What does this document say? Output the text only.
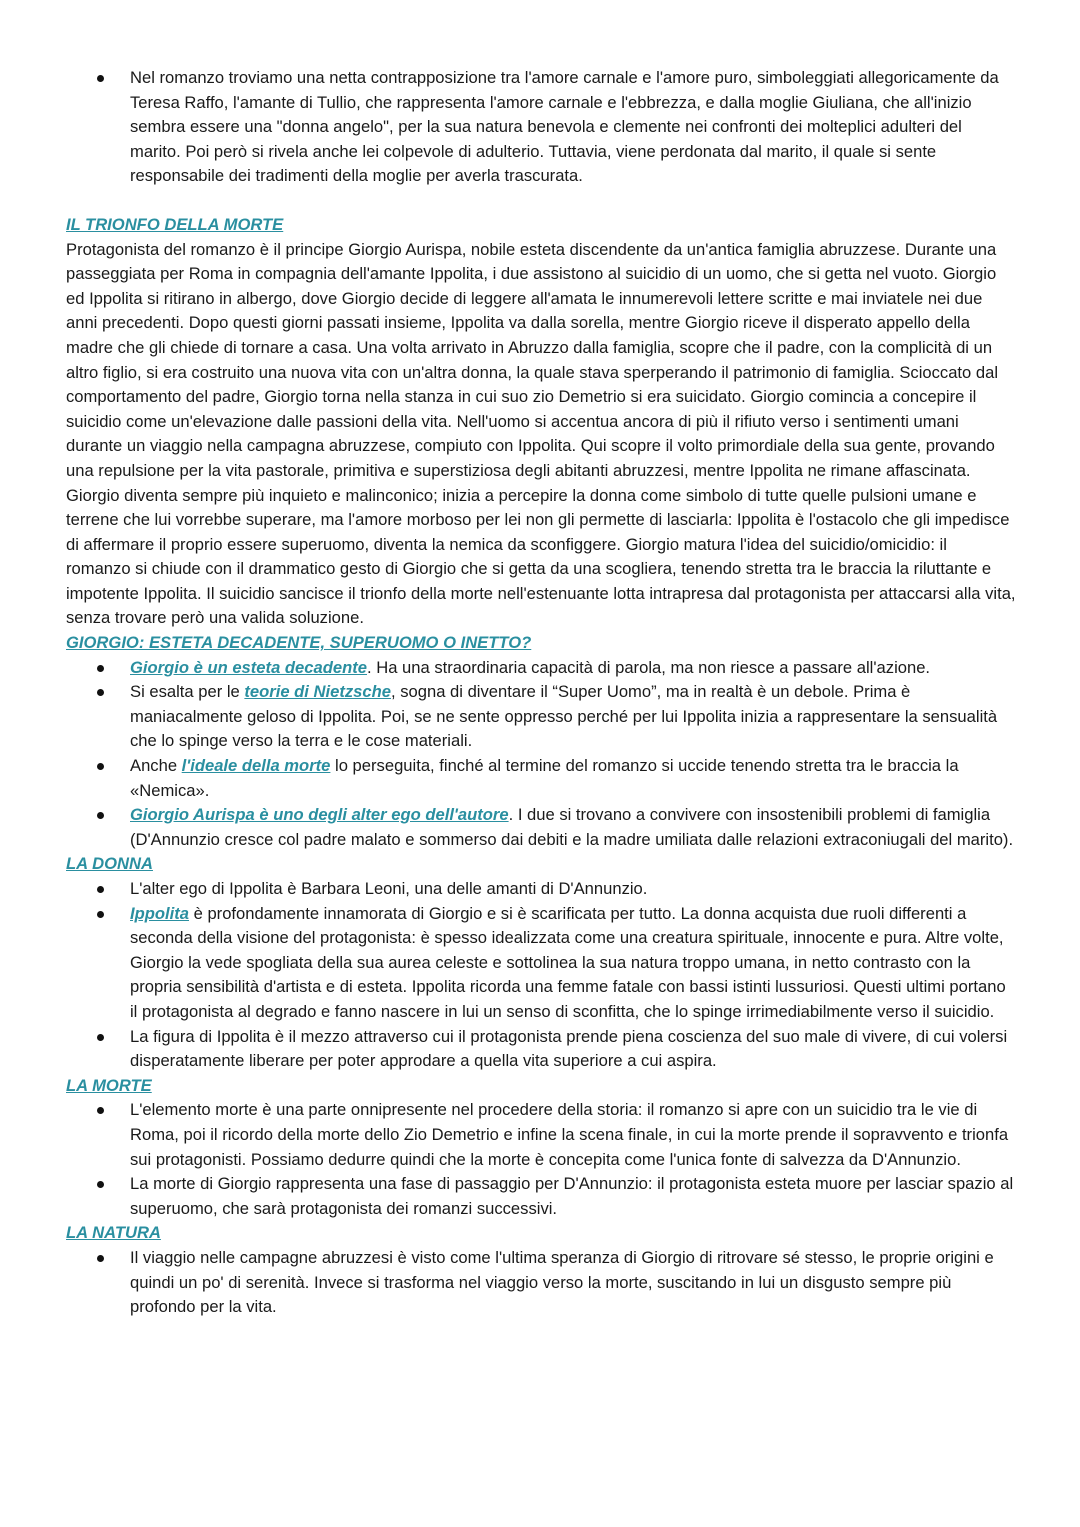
Nel romanzo troviamo una netta contrapposizione tra l'amore carnale e l'amore puro, simboleggiati allegoricamente da Teresa Raffo, l'amante di Tullio, che rappresenta l'amore carnale e l'ebbrezza, e dalla moglie Giuliana, che all'inizio sembra essere una "donna angelo", per la sua natura benevola e clemente nei confronti dei molteplici adulteri del marito. Poi però si rivela anche lei colpevole di adulterio. Tuttavia, viene perdonata dal marito, il quale si sente responsabile dei tradimenti della moglie per averla trascurata.

IL TRIONFO DELLA MORTE

Protagonista del romanzo è il principe Giorgio Aurispa, nobile esteta discendente da un'antica famiglia abruzzese. Durante una passeggiata per Roma in compagnia dell'amante Ippolita, i due assistono al suicidio di un uomo, che si getta nel vuoto. Giorgio ed Ippolita si ritirano in albergo, dove Giorgio decide di leggere all'amata le innumerevoli lettere scritte e mai inviatele nei due anni precedenti. Dopo questi giorni passati insieme, Ippolita va dalla sorella, mentre Giorgio riceve il disperato appello della madre che gli chiede di tornare a casa. Una volta arrivato in Abruzzo dalla famiglia, scopre che il padre, con la complicità di un altro figlio, si era costruito una nuova vita con un'altra donna, la quale stava sperperando il patrimonio di famiglia. Scioccato dal comportamento del padre, Giorgio torna nella stanza in cui suo zio Demetrio si era suicidato. Giorgio comincia a concepire il suicidio come un'elevazione dalle passioni della vita. Nell'uomo si accentua ancora di più il rifiuto verso i sentimenti umani durante un viaggio nella campagna abruzzese, compiuto con Ippolita. Qui scopre il volto primordiale della sua gente, provando una repulsione per la vita pastorale, primitiva e superstiziosa degli abitanti abruzzesi, mentre Ippolita ne rimane affascinata. Giorgio diventa sempre più inquieto e malinconico; inizia a percepire la donna come simbolo di tutte quelle pulsioni umane e terrene che lui vorrebbe superare, ma l'amore morboso per lei non gli permette di lasciarla: Ippolita è l'ostacolo che gli impedisce di affermare il proprio essere superuomo, diventa la nemica da sconfiggere. Giorgio matura l'idea del suicidio/omicidio: il romanzo si chiude con il drammatico gesto di Giorgio che si getta da una scogliera, tenendo stretta tra le braccia la riluttante e impotente Ippolita. Il suicidio sancisce il trionfo della morte nell'estenuante lotta intrapresa dal protagonista per attaccarsi alla vita, senza trovare però una valida soluzione.

GIORGIO: ESTETA DECADENTE, SUPERUOMO O INETTO?

Giorgio è un esteta decadente. Ha una straordinaria capacità di parola, ma non riesce a passare all'azione.
Si esalta per le teorie di Nietzsche, sogna di diventare il “Super Uomo”, ma in realtà è un debole. Prima è maniacalmente geloso di Ippolita. Poi, se ne sente oppresso perché per lui Ippolita inizia a rappresentare la sensualità che lo spinge verso la terra e le cose materiali.
Anche l'ideale della morte lo perseguita, finché al termine del romanzo si uccide tenendo stretta tra le braccia la «Nemica».
Giorgio Aurispa è uno degli alter ego dell'autore. I due si trovano a convivere con insostenibili problemi di famiglia (D'Annunzio cresce col padre malato e sommerso dai debiti e la madre umiliata dalle relazioni extraconiugali del marito).

LA DONNA

L'alter ego di Ippolita è Barbara Leoni, una delle amanti di D'Annunzio.
Ippolita è profondamente innamorata di Giorgio e si è scarificata per tutto. La donna acquista due ruoli differenti a seconda della visione del protagonista: è spesso idealizzata come una creatura spirituale, innocente e pura. Altre volte, Giorgio la vede spogliata della sua aurea celeste e sottolinea la sua natura troppo umana, in netto contrasto con la propria sensibilità d'artista e di esteta. Ippolita ricorda una femme fatale con bassi istinti lussuriosi. Questi ultimi portano il protagonista al degrado e fanno nascere in lui un senso di sconfitta, che lo spinge irrimediabilmente verso il suicidio.
La figura di Ippolita è il mezzo attraverso cui il protagonista prende piena coscienza del suo male di vivere, di cui volersi disperatamente liberare per poter approdare a quella vita superiore a cui aspira.

LA MORTE

L'elemento morte è una parte onnipresente nel procedere della storia: il romanzo si apre con un suicidio tra le vie di Roma, poi il ricordo della morte dello Zio Demetrio e infine la scena finale, in cui la morte prende il sopravvento e trionfa sui protagonisti. Possiamo dedurre quindi che la morte è concepita come l'unica fonte di salvezza da D'Annunzio.
La morte di Giorgio rappresenta una fase di passaggio per D'Annunzio: il protagonista esteta muore per lasciar spazio al superuomo, che sarà protagonista dei romanzi successivi.

LA NATURA

Il viaggio nelle campagne abruzzesi è visto come l'ultima speranza di Giorgio di ritrovare sé stesso, le proprie origini e quindi un po' di serenità. Invece si trasforma nel viaggio verso la morte, suscitando in lui un disgusto sempre più profondo per la vita.
